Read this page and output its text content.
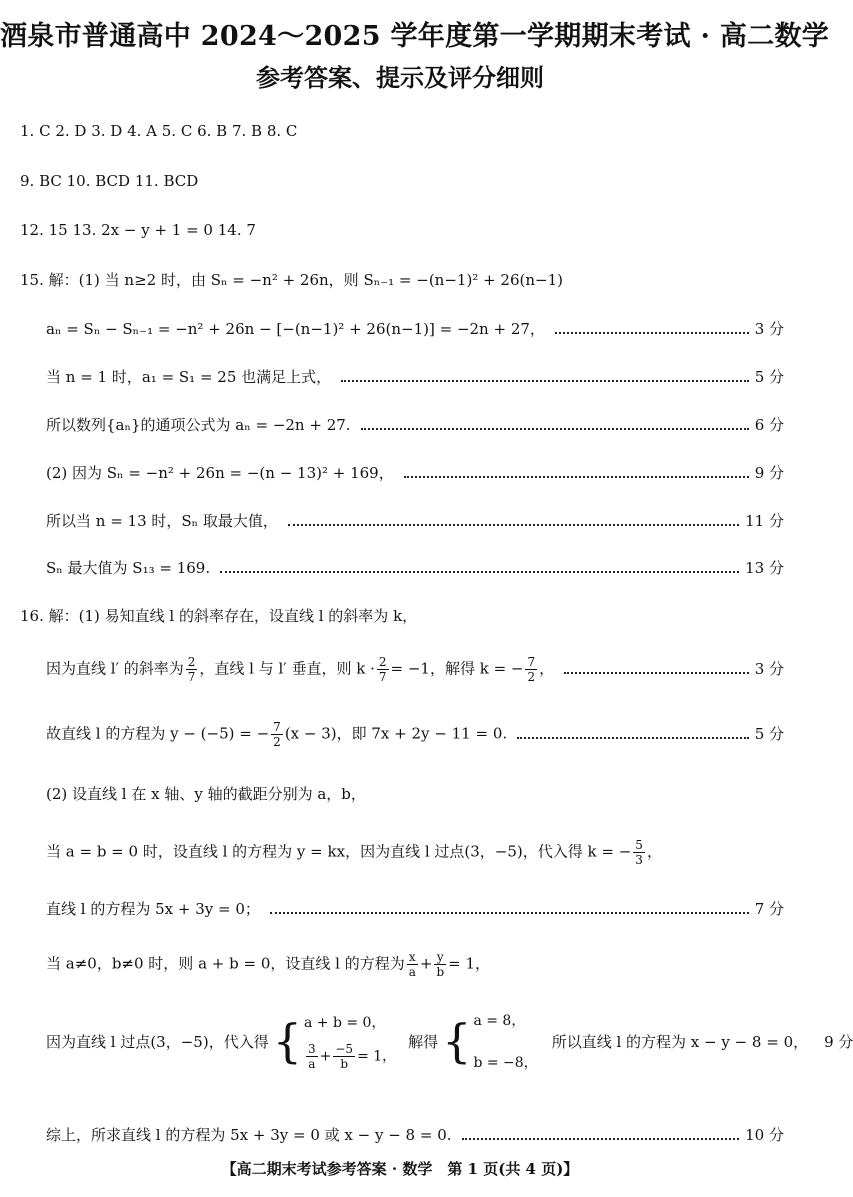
酒泉市普通高中 2024～2025 学年度第一学期期末考试 · 高二数学
参考答案、提示及评分细则
1. C 2. D 3. D 4. A 5. C 6. B 7. B 8. C
9. BC 10. BCD 11. BCD
12. 15 13. 2x − y + 1 = 0 14. 7
15. 解：(1) 当 n≥2 时，由 Sₙ = −n² + 26n，则 Sₙ₋₁ = −(n−1)² + 26(n−1)
aₙ = Sₙ − Sₙ₋₁ = −n² + 26n − [−(n−1)² + 26(n−1)] = −2n + 27，	3 分
当 n = 1 时，a₁ = S₁ = 25 也满足上式，	5 分
所以数列{aₙ}的通项公式为 aₙ = −2n + 27.	6 分
(2) 因为 Sₙ = −n² + 26n = −(n − 13)² + 169，	9 分
所以当 n = 13 时，Sₙ 取最大值，	11 分
Sₙ 最大值为 S₁₃ = 169.	13 分
16. 解：(1) 易知直线 l 的斜率存在，设直线 l 的斜率为 k，
因为直线 l′ 的斜率为 $\frac{2}{7}$ ，直线 l 与 l′ 垂直，则 $k \cdot \frac{2}{7} = -1$，解得 k = − $\frac{7}{2}$ ，	3 分
故直线 l 的方程为 y − (−5) = − $\frac{7}{2} (x - 3)$，即 7x + 2y − 11 = 0.	5 分
(2) 设直线 l 在 x 轴、y 轴的截距分别为 a，b，
当 a = b = 0 时，设直线 l 的方程为 y = kx，因为直线 l 过点(3，−5)，代入得 k = − $\frac{5}{3}$ ，
直线 l 的方程为 5x + 3y = 0；	7 分
当 a≠0，b≠0 时，则 a + b = 0，设直线 l 的方程为 $\frac{x}{a} + \frac{y}{b} = 1$，
因为直线 l 过点(3，−5)，代入得 { a + b = 0，
$\frac{3}{a} + \frac{-5}{b} = 1$，
解得 { a = 8，
b = −8，
所以直线 l 的方程为 x − y − 8 = 0， 9 分
综上，所求直线 l 的方程为 5x + 3y = 0 或 x − y − 8 = 0.	10 分
【高二期末考试参考答案 · 数学　第 1 页(共 4 页)】
